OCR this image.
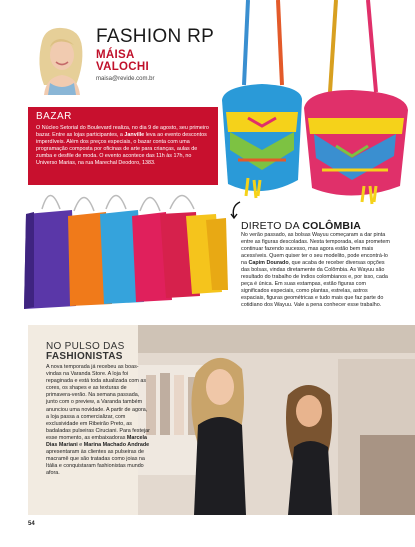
FASHION RP
MÁISA
VALOCHI
maisa@revide.com.br
BAZAR
O Núcleo Setorial do Boulevard realiza, no dia 9 de agosto, seu primeiro bazar. Entre as lojas participantes, a Janville leva ao evento descontos imperdíveis. Além dos preços especiais, o bazar conta com uma programação composta por oficinas de arte para crianças, aulas de zumba e desfile de moda. O evento acontece das 11h às 17h, no Universo Marias, na rua Marechal Deodoro, 1383.
DIRETO DA COLÔMBIA
No verão passado, as bolsas Wayuu começaram a dar pinta entre as figuras descoladas. Nesta temporada, elas prometem continuar fazendo sucesso, mas agora estão bem mais acessíveis. Quem quiser ter o seu modelito, pode encontrá-lo na Capim Dourado, que acaba de receber diversas opções das bolsas, vindas diretamente da Colômbia. As Wayuu são resultado do trabalho de índios colombianos e, por isso, cada peça é única. Em suas estampas, estão figuras com significados especiais, como plantas, estrelas, astros espaciais, figuras geométricas e tudo mais que faz parte do cotidiano dos Wayuu. Vale a pena conhecer esse trabalho.
NO PULSO DAS
FASHIONISTAS
A nova temporada já recebeu as boas-vindas na Varanda Store. A loja foi repaginada e está toda atualizada com as cores, os shapes e as texturas de primavera-verão. Na semana passada, junto com o preview, a Varanda também anunciou uma novidade. A partir de agora, a loja passa a comercializar, com exclusividade em Ribeirão Preto, as badaladas pulseiras Ciruciani. Para festejar esse momento, as embaixadoras Marcela Dias Mariani e Marina Machado Andrade apresentaram às clientes as pulseiras de macramê que são tratadas como joias na Itália e conquistaram fashionistas mundo afora.
54
